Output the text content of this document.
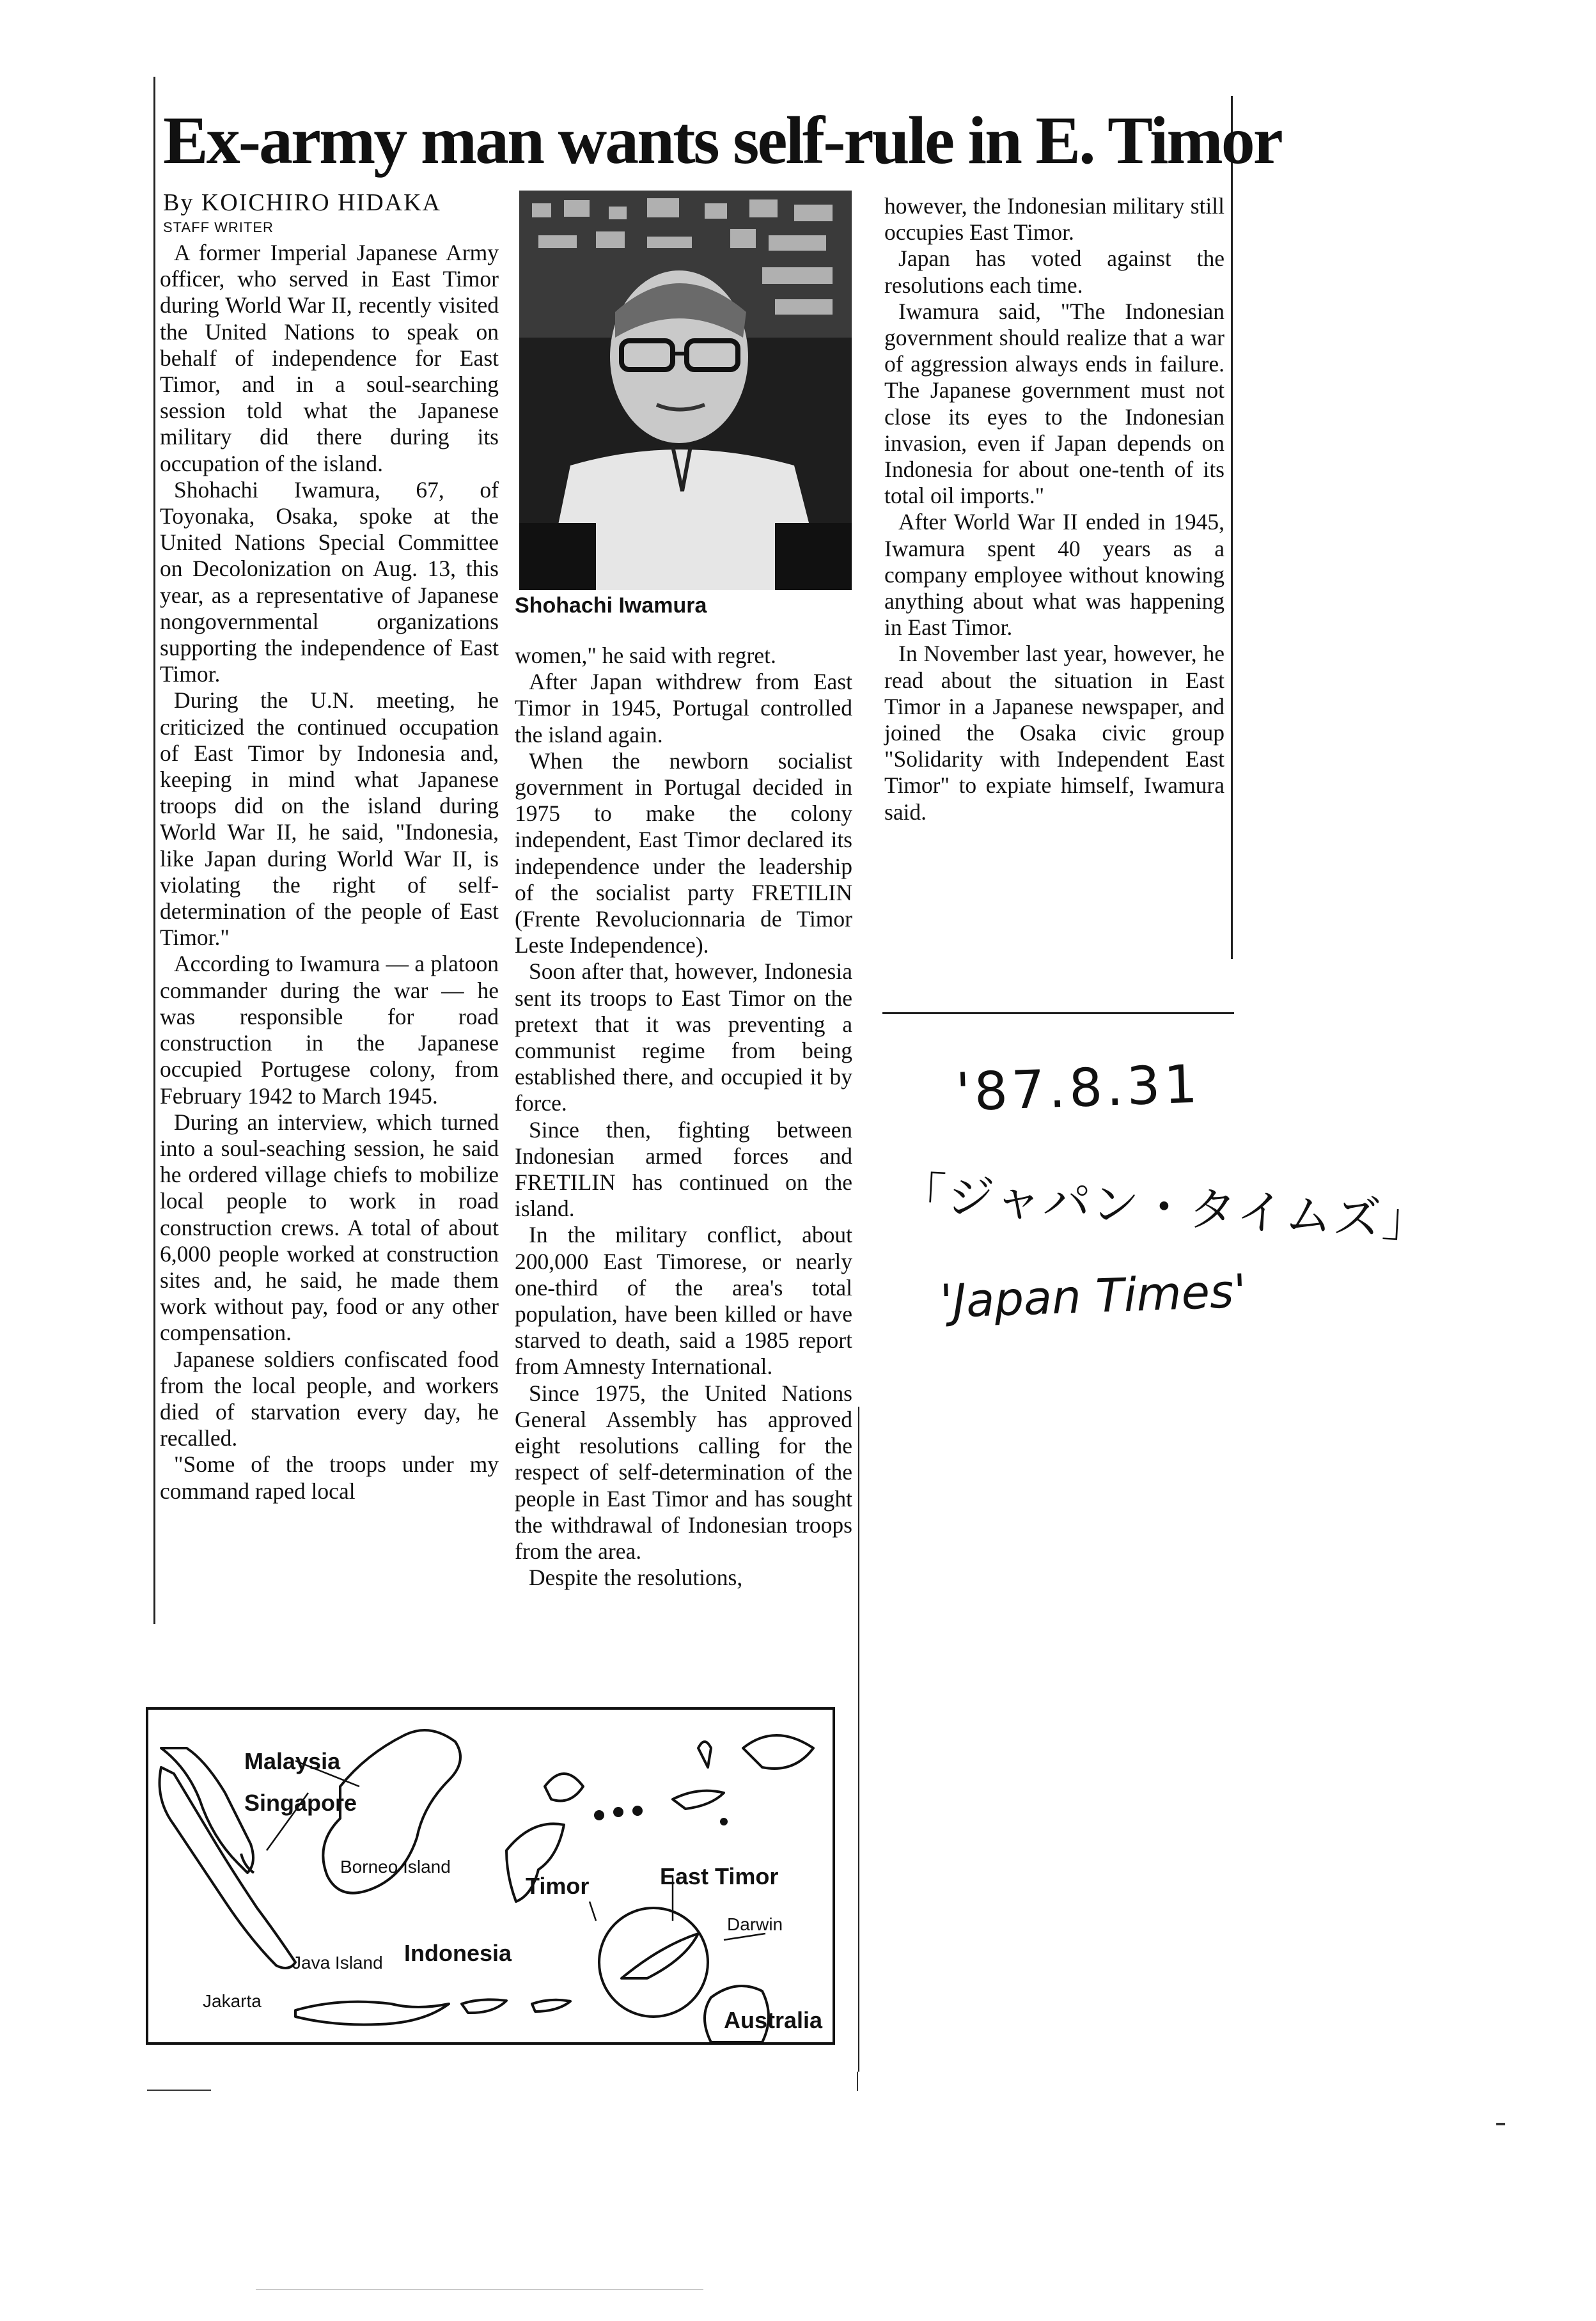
Ex-army man wants self-rule in E. Timor
By KOICHIRO HIDAKA
STAFF WRITER

A former Imperial Japanese Army officer, who served in East Timor during World War II, recently visited the United Nations to speak on behalf of independence for East Timor, and in a soul-searching session told what the Japanese military did there during its occupation of the island.

Shohachi Iwamura, 67, of Toyonaka, Osaka, spoke at the United Nations Special Committee on Decolonization on Aug. 13, this year, as a representative of Japanese nongovernmental organizations supporting the independence of East Timor.

During the U.N. meeting, he criticized the continued occupation of East Timor by Indonesia and, keeping in mind what Japanese troops did on the island during World War II, he said, "Indonesia, like Japan during World War II, is violating the right of self-determination of the people of East Timor."

According to Iwamura — a platoon commander during the war — he was responsible for road construction in the Japanese occupied Portugese colony, from February 1942 to March 1945.

During an interview, which turned into a soul-seaching session, he said he ordered village chiefs to mobilize local people to work in road construction crews. A total of about 6,000 people worked at construction sites and, he said, he made them work without pay, food or any other compensation.

Japanese soldiers confiscated food from the local people, and workers died of starvation every day, he recalled.

"Some of the troops under my command raped local

Shohachi Iwamura

women," he said with regret.

After Japan withdrew from East Timor in 1945, Portugal controlled the island again.

When the newborn socialist government in Portugal decided in 1975 to make the colony independent, East Timor declared its independence under the leadership of the socialist party FRETILIN (Frente Revolucionnaria de Timor Leste Independence).

Soon after that, however, Indonesia sent its troops to East Timor on the pretext that it was preventing a communist regime from being established there, and occupied it by force.

Since then, fighting between Indonesian armed forces and FRETILIN has continued on the island.

In the military conflict, about 200,000 East Timorese, or nearly one-third of the area's total population, have been killed or have starved to death, said a 1985 report from Amnesty International.

Since 1975, the United Nations General Assembly has approved eight resolutions calling for the respect of self-determination of the people in East Timor and has sought the withdrawal of Indonesian troops from the area.

Despite the resolutions,

however, the Indonesian military still occupies East Timor.

Japan has voted against the resolutions each time.

Iwamura said, "The Indonesian government should realize that a war of aggression always ends in failure. The Japanese government must not close its eyes to the Indonesian invasion, even if Japan depends on Indonesia for about one-tenth of its total oil imports."

After World War II ended in 1945, Iwamura spent 40 years as a company employee without knowing anything about what was happening in East Timor.

In November last year, however, he read about the situation in East Timor in a Japanese newspaper, and joined the Osaka civic group "Solidarity with Independent East Timor" to expiate himself, Iwamura said.

'87.8.31
「ジャパン・タイムズ」
'Japan Times'
Malaysia
Singapore
Borneo Island
Timor	East Timor
Darwin
Java Island Indonesia
Jakarta
Australia
